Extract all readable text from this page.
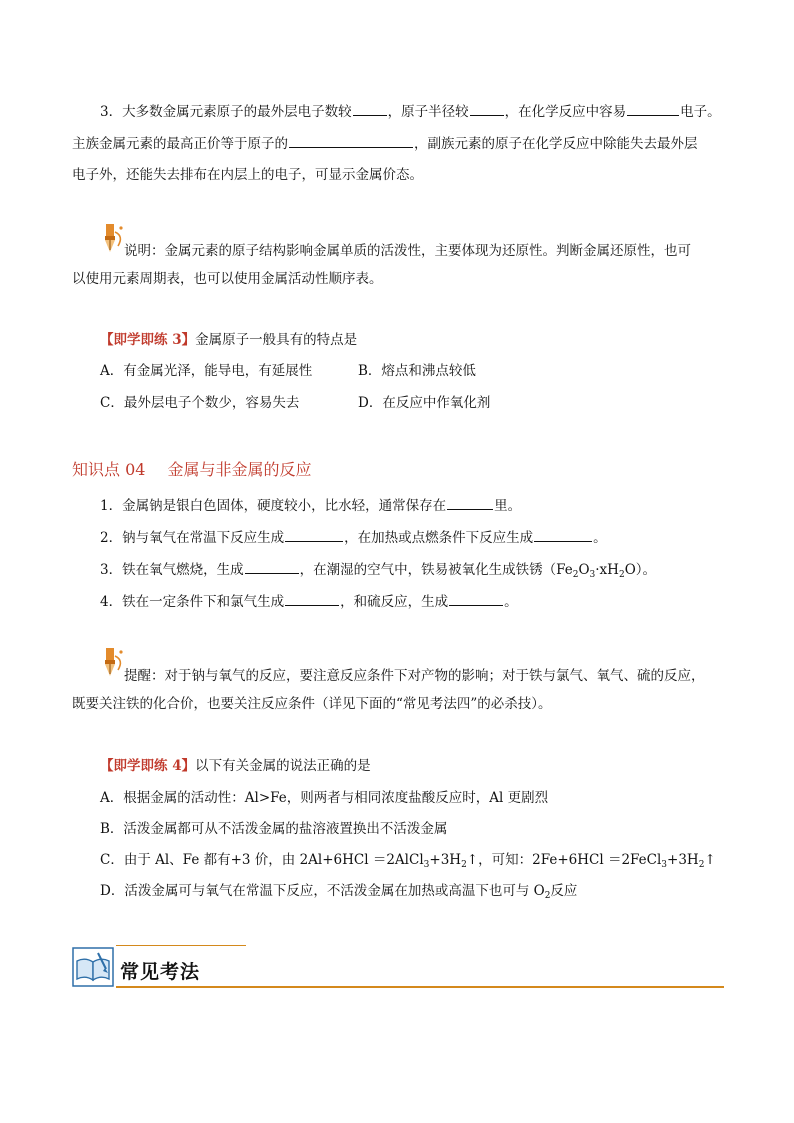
3．大多数金属元素原子的最外层电子数较	，原子半径较	，在化学反应中容易	电子。
主族金属元素的最高正价等于原子的	，副族元素的原子在化学反应中除能失去最外层
电子外，还能失去排布在内层上的电子，可显示金属价态。
说明：金属元素的原子结构影响金属单质的活泼性，主要体现为还原性。判断金属还原性，也可
以使用元素周期表，也可以使用金属活动性顺序表。
【即学即练 3】金属原子一般具有的特点是
A．有金属光泽，能导电，有延展性	B．熔点和沸点较低
C．最外层电子个数少，容易失去	D．在反应中作氧化剂
知识点 04 金属与非金属的反应
1．金属钠是银白色固体，硬度较小，比水轻，通常保存在	里。
2．钠与氧气在常温下反应生成	，在加热或点燃条件下反应生成	。
3．铁在氧气燃烧，生成	，在潮湿的空气中，铁易被氧化生成铁锈$(Fe_2O_3\cdot xH_2O)$。
4．铁在一定条件下和氯气生成	，和硫反应，生成	。
提醒：对于钠与氧气的反应，要注意反应条件下对产物的影响；对于铁与氯气、氧气、硫的反应，
既要关注铁的化合价，也要关注反应条件（详见下面的“常见考法四”的必杀技）。
【即学即练 4】以下有关金属的说法正确的是
A．根据金属的活动性：Al>Fe，则两者与相同浓度盐酸反应时，Al 更剧烈
B．活泼金属都可从不活泼金属的盐溶液置换出不活泼金属
C．由于 Al、Fe 都有+3 价，由 $2Al+6HCl =2AlCl_3+3H_2↑$，可知：$2Fe+6HCl =2FeCl_3+3H_2↑$
D．活泼金属可与氧气在常温下反应，不活泼金属在加热或高温下也可与 $O_2$反应
常见考法
